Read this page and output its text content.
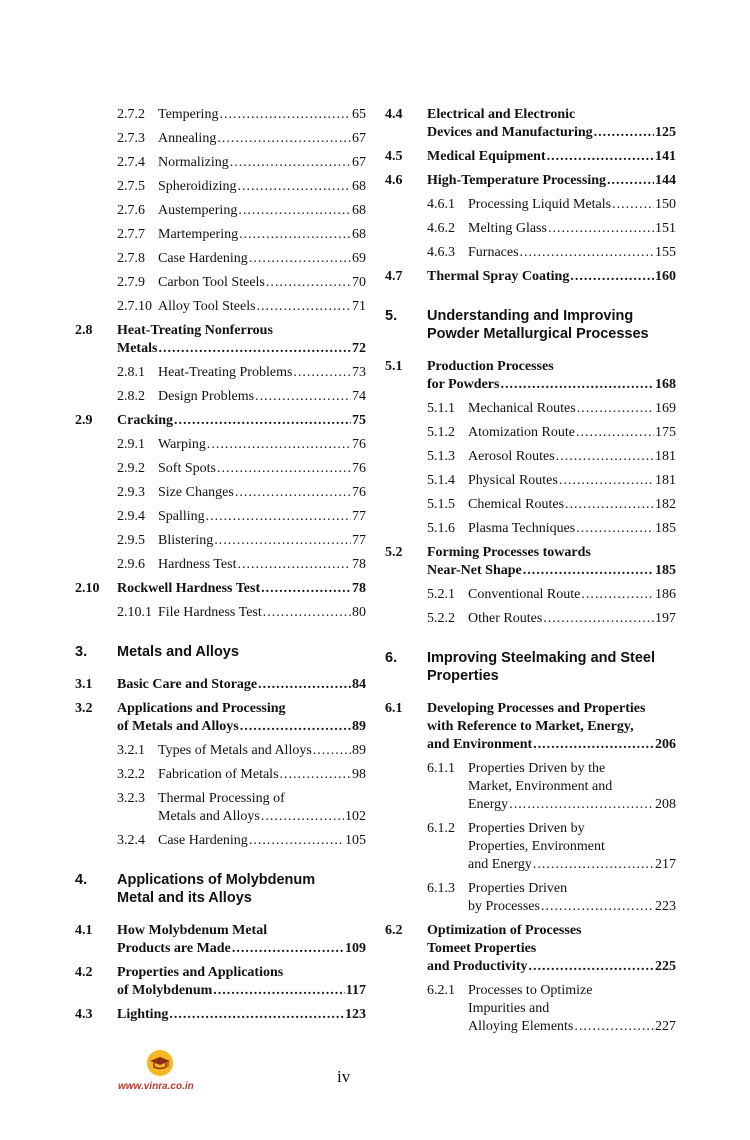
2.7.2 Tempering .....	65
2.7.3 Annealing .....	67
2.7.4 Normalizing .....	67
2.7.5 Spheroidizing .....	68
2.7.6 Austempering .....	68
2.7.7 Martempering .....	68
2.7.8 Case Hardening .....	69
2.7.9 Carbon Tool Steels .....	70
2.7.10 Alloy Tool Steels .....	71
2.8 Heat-Treating Nonferrous
Metals .....	72
2.8.1 Heat-Treating Problems .....	73
2.8.2 Design Problems .....	74
2.9 Cracking .....	75
2.9.1 Warping .....	76
2.9.2 Soft Spots .....	76
2.9.3 Size Changes .....	76
2.9.4 Spalling .....	77
2.9.5 Blistering .....	77
2.9.6 Hardness Test .....	78
2.10 Rockwell Hardness Test .....	78
2.10.1 File Hardness Test .....	80
3. Metals and Alloys
3.1 Basic Care and Storage .....	84
3.2 Applications and Processing
of Metals and Alloys .....	89
3.2.1 Types of Metals and Alloys .....	89
3.2.2 Fabrication of Metals .....	98
3.2.3 Thermal Processing of
Metals and Alloys .....	102
3.2.4 Case Hardening .....	105
4. Applications of Molybdenum
Metal and its Alloys
4.1 How Molybdenum Metal
Products are Made .....	109
4.2 Properties and Applications
of Molybdenum .....	117
4.3 Lighting .....	123
4.4 Electrical and Electronic
Devices and Manufacturing .....	125
4.5 Medical Equipment .....	141
4.6 High-Temperature Processing .....	144
4.6.1 Processing Liquid Metals .....	150
4.6.2 Melting Glass .....	151
4.6.3 Furnaces .....	155
4.7 Thermal Spray Coating .....	160
5. Understanding and Improving
Powder Metallurgical Processes
5.1 Production Processes
for Powders .....	168
5.1.1 Mechanical Routes .....	169
5.1.2 Atomization Route .....	175
5.1.3 Aerosol Routes .....	181
5.1.4 Physical Routes .....	181
5.1.5 Chemical Routes .....	182
5.1.6 Plasma Techniques .....	185
5.2 Forming Processes towards
Near-Net Shape .....	185
5.2.1 Conventional Route .....	186
5.2.2 Other Routes .....	197
6. Improving Steelmaking and Steel
Properties
6.1 Developing Processes and Properties
with Reference to Market, Energy,
and Environment .....	206
6.1.1 Properties Driven by the
Market, Environment and
Energy .....	208
6.1.2 Properties Driven by
Properties, Environment
and Energy .....	217
6.1.3 Properties Driven
by Processes .....	223
6.2 Optimization of Processes
Tomeet Properties
and Productivity .....	225
6.2.1 Processes to Optimize
Impurities and
Alloying Elements .....	227
www.vinra.co.in
iv
